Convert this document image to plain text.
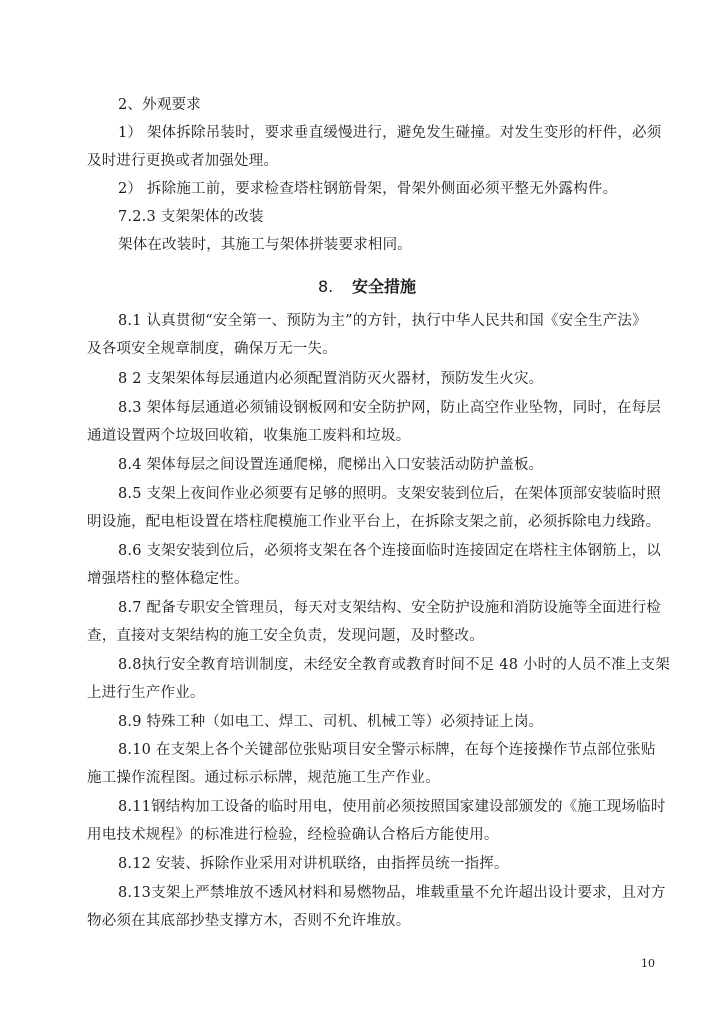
2、外观要求
1） 架体拆除吊装时，要求垂直缓慢进行，避免发生碰撞。对发生变形的杆件，必须
及时进行更换或者加强处理。
2） 拆除施工前，要求检查塔柱钢筋骨架，骨架外侧面必须平整无外露构件。
7.2.3 支架架体的改装
架体在改装时，其施工与架体拼装要求相同。
8. 安全措施
8.1 认真贯彻“安全第一、预防为主”的方针，执行中华人民共和国《安全生产法》
及各项安全规章制度，确保万无一失。
8 2 支架架体每层通道内必须配置消防灭火器材，预防发生火灾。
8.3 架体每层通道必须铺设钢板网和安全防护网，防止高空作业坠物，同时，在每层
通道设置两个垃圾回收箱，收集施工废料和垃圾。
8.4 架体每层之间设置连通爬梯，爬梯出入口安装活动防护盖板。
8.5 支架上夜间作业必须要有足够的照明。支架安装到位后，在架体顶部安装临时照
明设施，配电柜设置在塔柱爬模施工作业平台上，在拆除支架之前，必须拆除电力线路。
8.6 支架安装到位后，必须将支架在各个连接面临时连接固定在塔柱主体钢筋上，以
增强塔柱的整体稳定性。
8.7 配备专职安全管理员，每天对支架结构、安全防护设施和消防设施等全面进行检
查，直接对支架结构的施工安全负责，发现问题，及时整改。
8.8执行安全教育培训制度，未经安全教育或教育时间不足 48 小时的人员不准上支架
上进行生产作业。
8.9 特殊工种（如电工、焊工、司机、机械工等）必须持证上岗。
8.10 在支架上各个关键部位张贴项目安全警示标牌，在每个连接操作节点部位张贴
施工操作流程图。通过标示标牌，规范施工生产作业。
8.11钢结构加工设备的临时用电，使用前必须按照国家建设部颁发的《施工现场临时
用电技术规程》的标准进行检验，经检验确认合格后方能使用。
8.12 安装、拆除作业采用对讲机联络，由指挥员统一指挥。
8.13支架上严禁堆放不透风材料和易燃物品，堆载重量不允许超出设计要求，且对方
物必须在其底部抄垫支撑方木，否则不允许堆放。
10
